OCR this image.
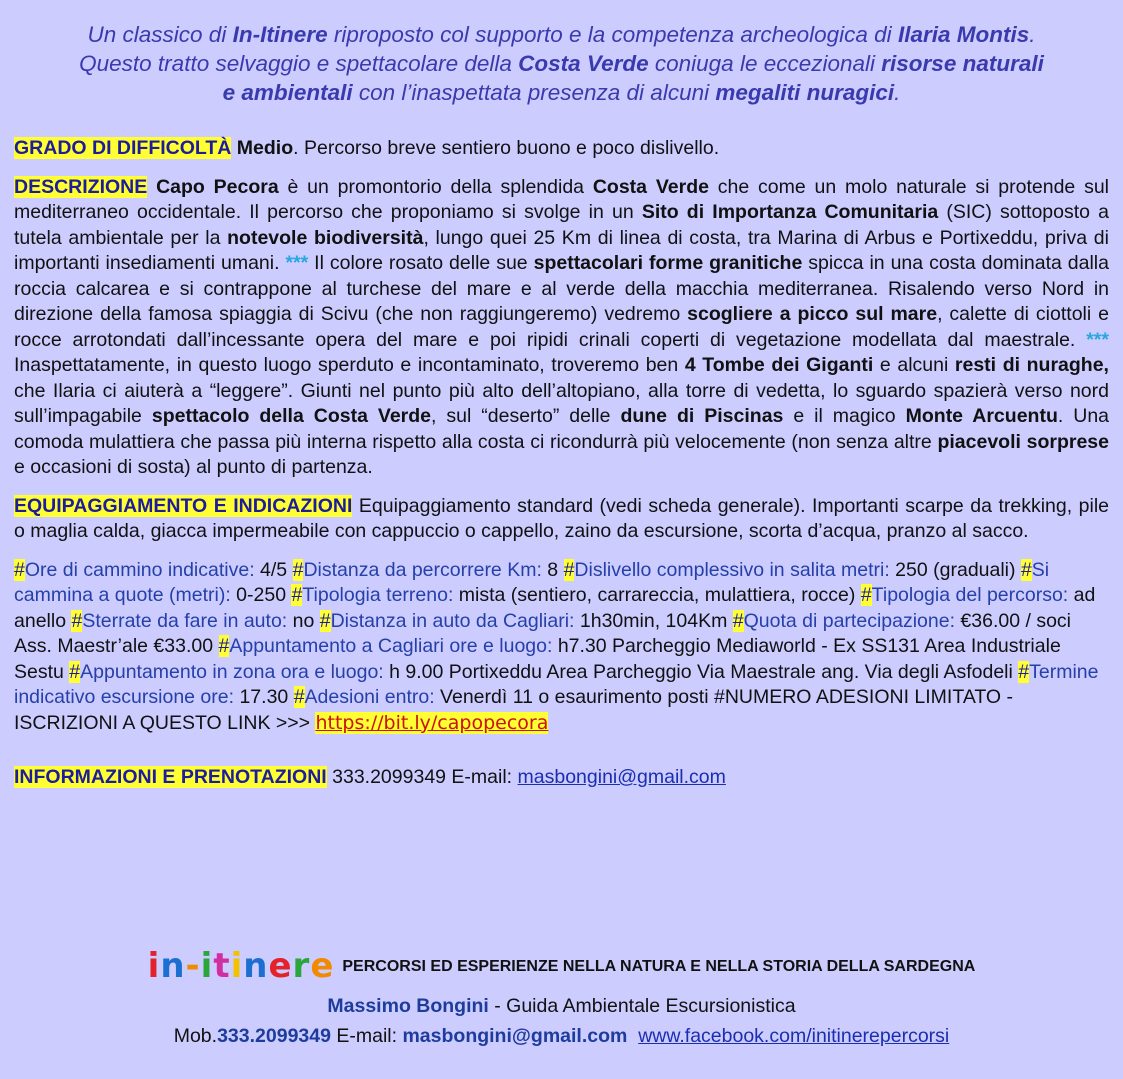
Un classico di In-Itinere riproposto col supporto e la competenza archeologica di Ilaria Montis.
Questo tratto selvaggio e spettacolare della Costa Verde coniuga le eccezionali risorse naturali
e ambientali con l’inaspettata presenza di alcuni megaliti nuragici.

GRADO DI DIFFICOLTÀ Medio. Percorso breve sentiero buono e poco dislivello.

DESCRIZIONE Capo Pecora è un promontorio della splendida Costa Verde che come un molo naturale si protende sul mediterraneo occidentale. Il percorso che proponiamo si svolge in un Sito di Importanza Comunitaria (SIC) sottoposto a tutela ambientale per la notevole biodiversità, lungo quei 25 Km di linea di costa, tra Marina di Arbus e Portixeddu, priva di importanti insediamenti umani. *** Il colore rosato delle sue spettacolari forme granitiche spicca in una costa dominata dalla roccia calcarea e si contrappone al turchese del mare e al verde della macchia mediterranea. Risalendo verso Nord in direzione della famosa spiaggia di Scivu (che non raggiungeremo) vedremo scogliere a picco sul mare, calette di ciottoli e rocce arrotondati dall’incessante opera del mare e poi ripidi crinali coperti di vegetazione modellata dal maestrale. *** Inaspettatamente, in questo luogo sperduto e incontaminato, troveremo ben 4 Tombe dei Giganti e alcuni resti di nuraghe, che Ilaria ci aiuterà a “leggere”. Giunti nel punto più alto dell’altopiano, alla torre di vedetta, lo sguardo spazierà verso nord sull’impagabile spettacolo della Costa Verde, sul “deserto” delle dune di Piscinas e il magico Monte Arcuentu. Una comoda mulattiera che passa più interna rispetto alla costa ci ricondurrà più velocemente (non senza altre piacevoli sorprese e occasioni di sosta) al punto di partenza.

EQUIPAGGIAMENTO E INDICAZIONI Equipaggiamento standard (vedi scheda generale). Importanti scarpe da trekking, pile o maglia calda, giacca impermeabile con cappuccio o cappello, zaino da escursione, scorta d’acqua, pranzo al sacco.

#Ore di cammino indicative: 4/5 #Distanza da percorrere Km: 8 #Dislivello complessivo in salita metri: 250 (graduali) #Si cammina a quote (metri): 0-250 #Tipologia terreno: mista (sentiero, carrareccia, mulattiera, rocce) #Tipologia del percorso: ad anello #Sterrate da fare in auto: no #Distanza in auto da Cagliari: 1h30min, 104Km #Quota di partecipazione: €36.00 / soci Ass. Maestr’ale €33.00 #Appuntamento a Cagliari ore e luogo: h7.30 Parcheggio Mediaworld - Ex SS131 Area Industriale Sestu #Appuntamento in zona ora e luogo: h 9.00 Portixeddu Area Parcheggio Via Maestrale ang. Via degli Asfodeli #Termine indicativo escursione ore: 17.30 #Adesioni entro: Venerdì 11 o esaurimento posti #NUMERO ADESIONI LIMITATO - ISCRIZIONI A QUESTO LINK >>> https://bit.ly/capopecora

INFORMAZIONI E PRENOTAZIONI 333.2099349 E-mail: masbongini@gmail.com

in-itinere PERCORSI ED ESPERIENZE NELLA NATURA E NELLA STORIA DELLA SARDEGNA
Massimo Bongini - Guida Ambientale Escursionistica
Mob.333.2099349 E-mail: masbongini@gmail.com www.facebook.com/initinerepercorsi
